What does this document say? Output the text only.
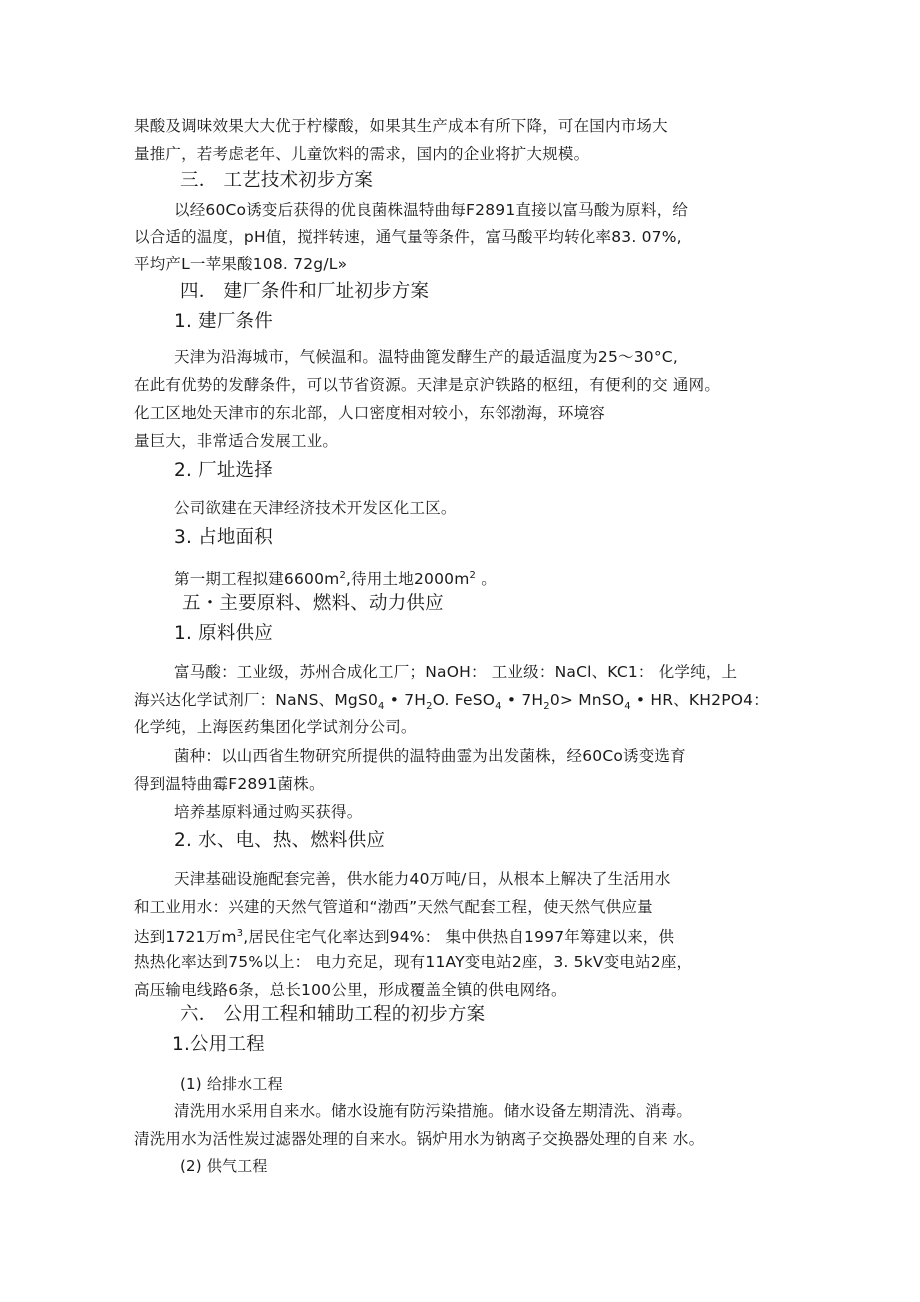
果酸及调味效果大大优于柠檬酸，如果其生产成本有所下降，可在国内市场大
量推广，若考虑老年、儿童饮料的需求，国内的企业将扩大规模。
三． 工艺技术初步方案
以经60Co诱变后获得的优良菌株温特曲每F2891直接以富马酸为原料，给
以合适的温度，pH值，搅拌转速，通气量等条件，富马酸平均转化率83. 07%,
平均产L一苹果酸108. 72g/L»
四． 建厂条件和厂址初步方案
1. 建厂条件
天津为沿海城市，气候温和。温特曲篦发酵生产的最适温度为25～30°C,
在此有优势的发酵条件，可以节省资源。天津是京沪铁路的枢纽，有便利的交 通网。
化工区地处天津市的东北部，人口密度相对较小，东邻渤海，环境容
量巨大，非常适合发展工业。
2. 厂址选择
公司欲建在天津经济技术开发区化工区。
3. 占地面积
第一期工程拟建$6600m^2$,待用土地$2000m^2$ 。
五・主要原料、燃料、动力供应
1. 原料供应
富马酸：工业级，苏州合成化工厂；NaOH： 工业级：NaCl、KC1： 化学纯，上
海兴达化学试剂厂：NaNS、$MgS0_4$ • $7H_2O$. FeSO$_4$ • $7H_20>$ MnSO$_4$ • HR、KH2PO4：
化学纯，上海医药集团化学试剂分公司。
菌种：以山西省生物研究所提供的温特曲霊为出发菌株，经60Co诱变选育
得到温特曲霉F2891菌株。
培养基原料通过购买获得。
2. 水、电、热、燃料供应
天津基础设施配套完善，供水能力40万吨/日，从根本上解决了生活用水
和工业用水：兴建的天然气管道和“渤西”天然气配套工程，使天然气供应量
达到1721万$m^3$,居民住宅气化率达到94%： 集中供热自1997年筹建以来，供
热热化率达到75%以上： 电力充足，现有11AY变电站2座，3. 5kV变电站2座，
高压输电线路6条，总长100公里，形成覆盖全镇的供电网络。
六． 公用工程和辅助工程的初步方案
1.公用工程
(1) 给排水工程
清洗用水采用自来水。储水设施有防污染措施。储水设备左期清洗、消毒。
清洗用水为活性炭过滤器处理的自来水。锅炉用水为钠离子交换器处理的自来 水。
(2) 供气工程
